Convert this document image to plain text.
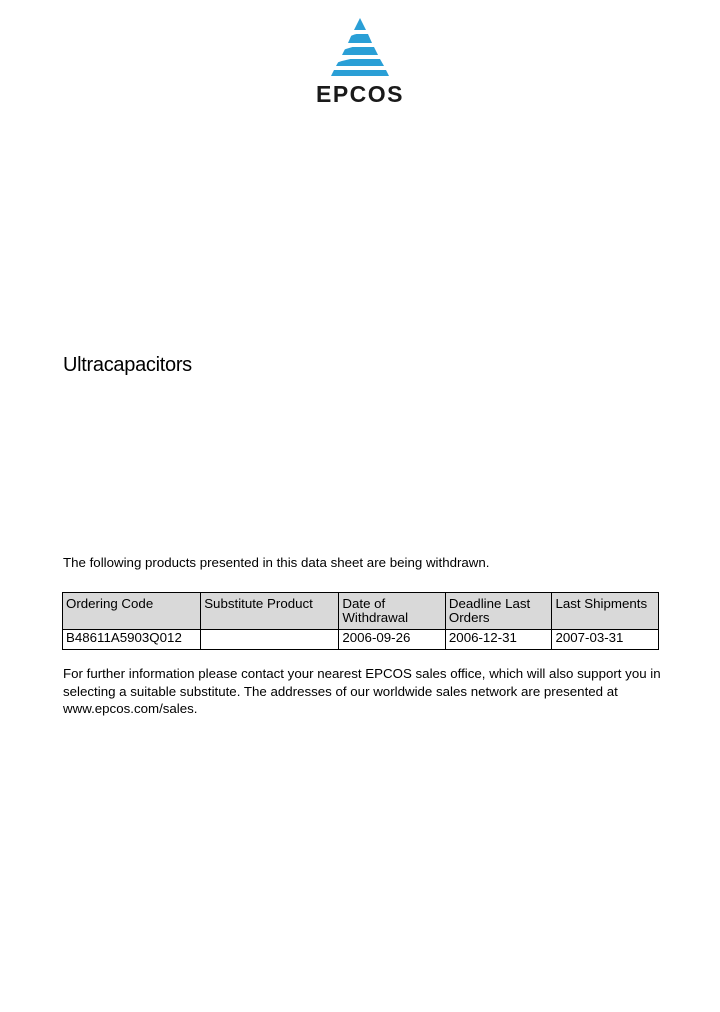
EPCOS
Ultracapacitors
The following products presented in this data sheet are being withdrawn.
Ordering Code	Substitute Product	Date of Withdrawal	Deadline Last Orders	Last Shipments
B48611A5903Q012		2006-09-26	2006-12-31	2007-03-31
For further information please contact your nearest EPCOS sales office, which will also support you in selecting a suitable substitute. The addresses of our worldwide sales network are presented at www.epcos.com/sales.
